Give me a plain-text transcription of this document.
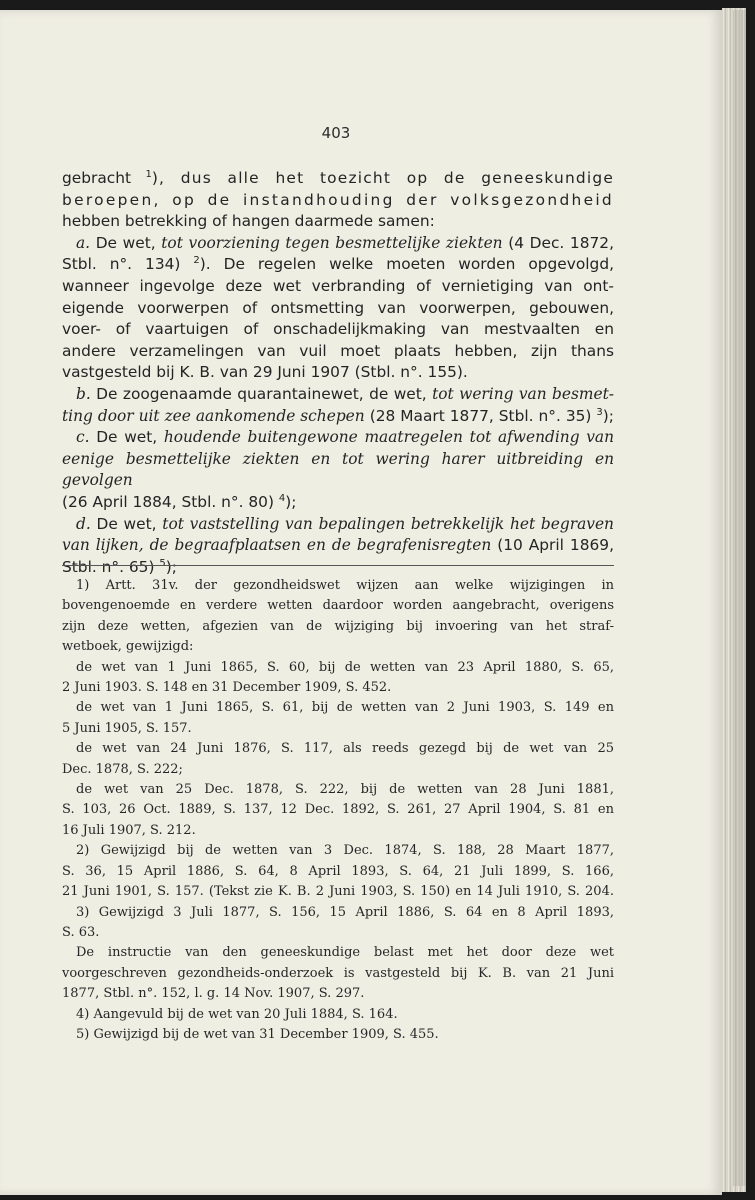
403
gebracht $^1$), dus alle het toezicht op de geneeskundige
beroepen, op de instandhouding der volksgezondheid
hebben betrekking of hangen daarmede samen:
a. De wet, tot voorziening tegen besmettelijke ziekten (4 Dec. 1872,
Stbl. n°. 134) $^2$). De regelen welke moeten worden opgevolgd,
wanneer ingevolge deze wet verbranding of vernietiging van ont-
eigende voorwerpen of ontsmetting van voorwerpen, gebouwen,
voer- of vaartuigen of onschadelijkmaking van mestvaalten en
andere verzamelingen van vuil moet plaats hebben, zijn thans
vastgesteld bij K. B. van 29 Juni 1907 (Stbl. n°. 155).
b. De zoogenaamde quarantainewet, de wet, tot wering van besmet-
ting door uit zee aankomende schepen (28 Maart 1877, Stbl. n°. 35) $^3$);
c. De wet, houdende buitengewone maatregelen tot afwending van
eenige besmettelijke ziekten en tot wering harer uitbreiding en gevolgen
(26 April 1884, Stbl. n°. 80) $^4$);
d. De wet, tot vaststelling van bepalingen betrekkelijk het begraven
van lijken, de begraafplaatsen en de begrafenisregten (10 April 1869,
Stbl. n°. 65) $^5$);
1) Artt. 31v. der gezondheidswet wijzen aan welke wijzigingen in
bovengenoemde en verdere wetten daardoor worden aangebracht, overigens
zijn deze wetten, afgezien van de wijziging bij invoering van het straf-
wetboek, gewijzigd:
de wet van 1 Juni 1865, S. 60, bij de wetten van 23 April 1880, S. 65,
2 Juni 1903. S. 148 en 31 December 1909, S. 452.
de wet van 1 Juni 1865, S. 61, bij de wetten van 2 Juni 1903, S. 149 en
5 Juni 1905, S. 157.
de wet van 24 Juni 1876, S. 117, als reeds gezegd bij de wet van 25
Dec. 1878, S. 222;
de wet van 25 Dec. 1878, S. 222, bij de wetten van 28 Juni 1881,
S. 103, 26 Oct. 1889, S. 137, 12 Dec. 1892, S. 261, 27 April 1904, S. 81 en
16 Juli 1907, S. 212.
2) Gewijzigd bij de wetten van 3 Dec. 1874, S. 188, 28 Maart 1877,
S. 36, 15 April 1886, S. 64, 8 April 1893, S. 64, 21 Juli 1899, S. 166,
21 Juni 1901, S. 157. (Tekst zie K. B. 2 Juni 1903, S. 150) en 14 Juli 1910, S. 204.
3) Gewijzigd 3 Juli 1877, S. 156, 15 April 1886, S. 64 en 8 April 1893,
S. 63.
De instructie van den geneeskundige belast met het door deze wet
voorgeschreven gezondheids-onderzoek is vastgesteld bij K. B. van 21 Juni
1877, Stbl. n°. 152, l. g. 14 Nov. 1907, S. 297.
4) Aangevuld bij de wet van 20 Juli 1884, S. 164.
5) Gewijzigd bij de wet van 31 December 1909, S. 455.
